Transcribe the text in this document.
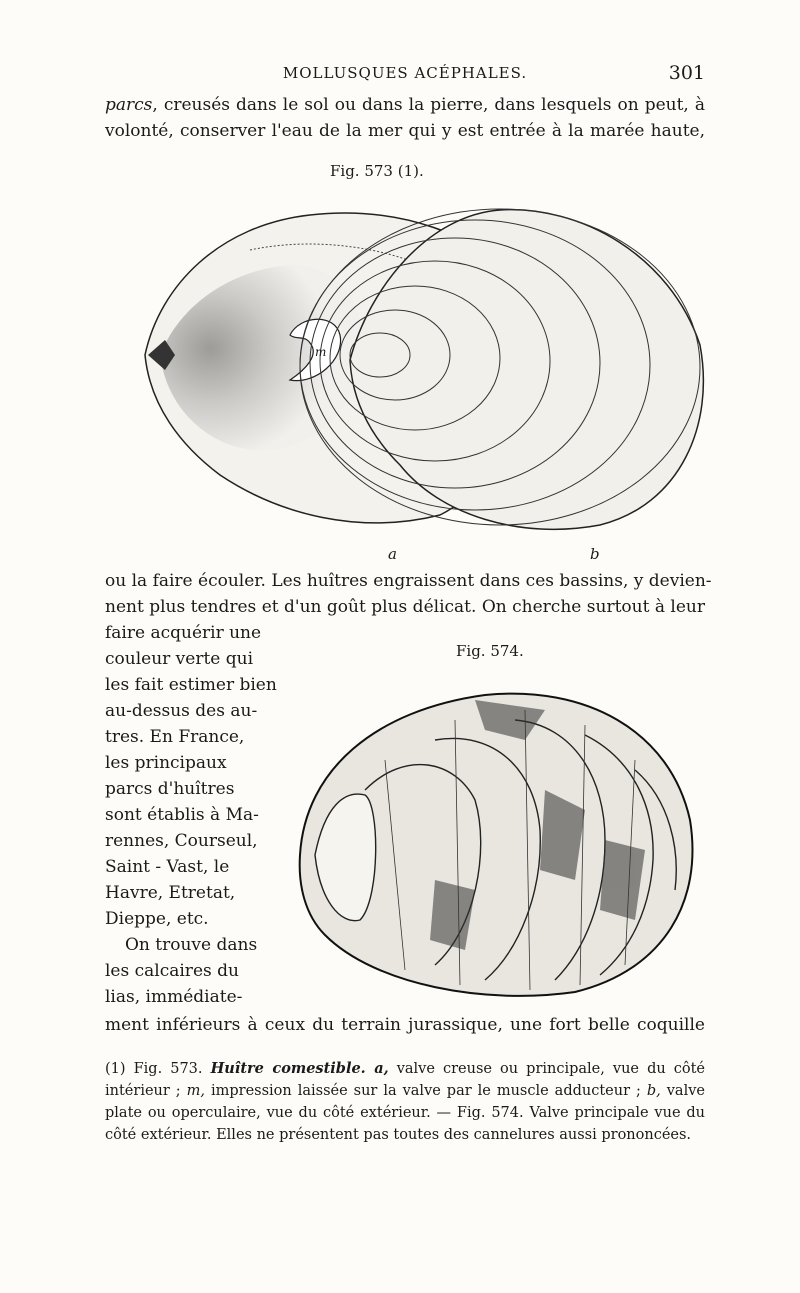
MOLLUSQUES ACÉPHALES.	301
parcs, creusés dans le sol ou dans la pierre, dans lesquels on peut, à
volonté, conserver l'eau de la mer qui y est entrée à la marée haute,
Fig. 573 (1).
a	b
m
ou la faire écouler. Les huîtres engraissent dans ces bassins, y devien-
nent plus tendres et d'un goût plus délicat. On cherche surtout à leur
faire acquérir une
couleur verte qui
les fait estimer bien
au-dessus des au-
tres. En France,
les principaux
parcs d'huîtres
sont établis à Ma-
rennes, Courseul,
Saint - Vast, le
Havre, Etretat,
Dieppe, etc.
On trouve dans
les calcaires du
lias, immédiate-
Fig. 574.
ment inférieurs à ceux du terrain jurassique, une fort belle coquille
(1) Fig. 573. Huître comestible. a, valve creuse ou principale, vue du côté intérieur ; m, impression laissée sur la valve par le muscle adducteur ; b, valve plate ou operculaire, vue du côté extérieur. — Fig. 574. Valve principale vue du côté extérieur. Elles ne présentent pas toutes des cannelures aussi prononcées.
